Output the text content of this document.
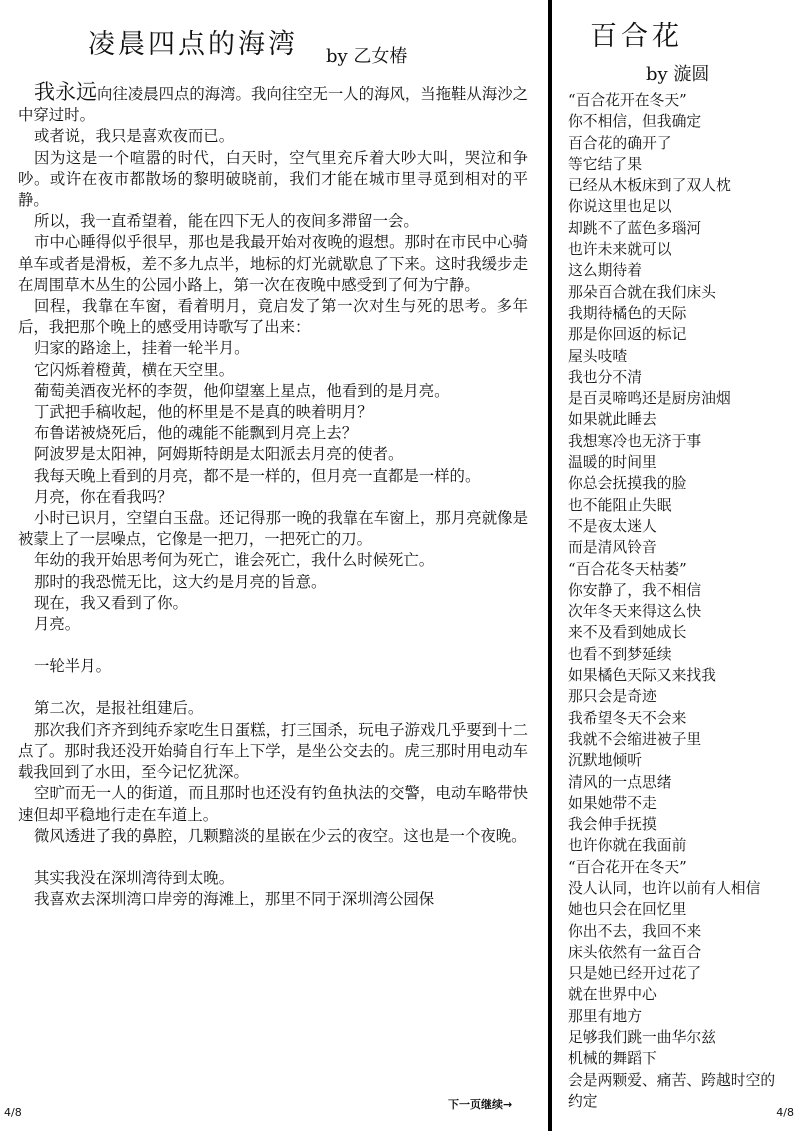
凌晨四点的海湾 by 乙女椿

我永远向往凌晨四点的海湾。我向往空无一人的海风，当拖鞋从海沙之中穿过时。

或者说，我只是喜欢夜而已。

因为这是一个喧嚣的时代，白天时，空气里充斥着大吵大叫，哭泣和争吵。或许在夜市都散场的黎明破晓前，我们才能在城市里寻觅到相对的平静。

所以，我一直希望着，能在四下无人的夜间多滞留一会。

市中心睡得似乎很早，那也是我最开始对夜晚的遐想。那时在市民中心骑单车或者是滑板，差不多九点半，地标的灯光就歇息了下来。这时我缓步走在周围草木丛生的公园小路上，第一次在夜晚中感受到了何为宁静。

回程，我靠在车窗，看着明月，竟启发了第一次对生与死的思考。多年后，我把那个晚上的感受用诗歌写了出来：

归家的路途上，挂着一轮半月。

它闪烁着橙黄，横在天空里。

葡萄美酒夜光杯的李贺，他仰望塞上星点，他看到的是月亮。

丁武把手稿收起，他的杯里是不是真的映着明月？

布鲁诺被烧死后，他的魂能不能飘到月亮上去？

阿波罗是太阳神，阿姆斯特朗是太阳派去月亮的使者。

我每天晚上看到的月亮，都不是一样的，但月亮一直都是一样的。

月亮，你在看我吗？

小时已识月，空望白玉盘。还记得那一晚的我靠在车窗上，那月亮就像是被蒙上了一层噪点，它像是一把刀，一把死亡的刀。

年幼的我开始思考何为死亡，谁会死亡，我什么时候死亡。

那时的我恐慌无比，这大约是月亮的旨意。

现在，我又看到了你。

月亮。

一轮半月。

第二次，是报社组建后。

那次我们齐齐到纯乔家吃生日蛋糕，打三国杀，玩电子游戏几乎要到十二点了。那时我还没开始骑自行车上下学，是坐公交去的。虎三那时用电动车载我回到了水田，至今记忆犹深。

空旷而无一人的街道，而且那时也还没有钓鱼执法的交警，电动车略带快速但却平稳地行走在车道上。

微风透进了我的鼻腔，几颗黯淡的星嵌在少云的夜空。这也是一个夜晚。

其实我没在深圳湾待到太晚。

我喜欢去深圳湾口岸旁的海滩上，那里不同于深圳湾公园保

百合花
by 漩圆
“百合花开在冬天”
你不相信，但我确定
百合花的确开了
等它结了果
已经从木板床到了双人枕
你说这里也足以
却跳不了蓝色多瑙河
也许未来就可以
这么期待着
那朵百合就在我们床头
我期待橘色的天际
那是你回返的标记
屋头吱喳
我也分不清
是百灵啼鸣还是厨房油烟
如果就此睡去
我想寒冷也无济于事
温暖的时间里
你总会抚摸我的脸
也不能阻止失眠
不是夜太迷人
而是清风铃音
“百合花冬天枯萎”
你安静了，我不相信
次年冬天来得这么快
来不及看到她成长
也看不到梦延续
如果橘色天际又来找我
那只会是奇迹
我希望冬天不会来
我就不会缩进被子里
沉默地倾听
清风的一点思绪
如果她带不走
我会伸手抚摸
也许你就在我面前
“百合花开在冬天”
没人认同，也许以前有人相信
她也只会在回忆里
你出不去，我回不来
床头依然有一盆百合
只是她已经开过花了
就在世界中心
那里有地方
足够我们跳一曲华尔兹
机械的舞蹈下
会是两颗爱、痛苦、跨越时空的约定
下一页继续→
4/8	4/8
